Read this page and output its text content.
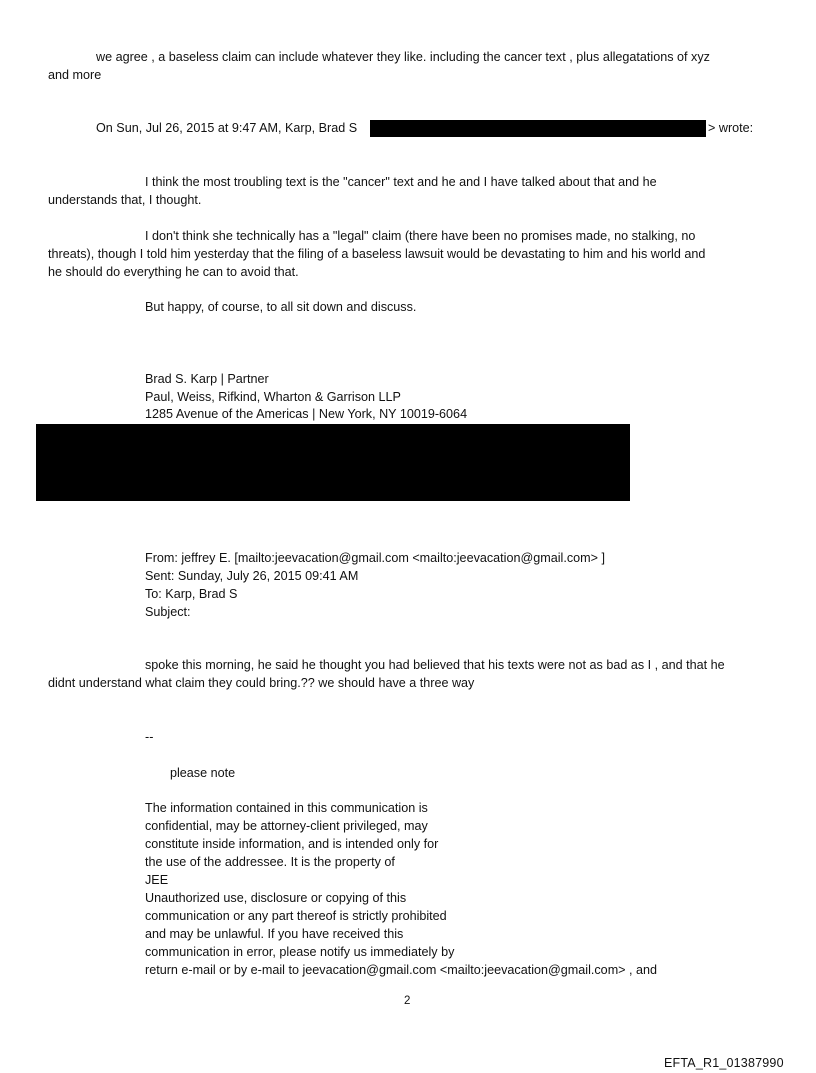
we agree , a baseless claim can include whatever they like. including the cancer text , plus allegatations of xyz
and more
On Sun, Jul 26, 2015 at 9:47 AM, Karp, Brad S	> wrote:
I think the most troubling text is the "cancer" text and he and I have talked about that and he
understands that, I thought.
I don't think she technically has a "legal" claim (there have been no promises made, no stalking, no
threats), though I told him yesterday that the filing of a baseless lawsuit would be devastating to him and his world and
he should do everything he can to avoid that.
But happy, of course, to all sit down and discuss.
Brad S. Karp | Partner
Paul, Weiss, Rifkind, Wharton & Garrison LLP
1285 Avenue of the Americas | New York, NY 10019-6064
From: jeffrey E. [mailto:jeevacation@gmail.com <mailto:jeevacation@gmail.com> ]
Sent: Sunday, July 26, 2015 09:41 AM
To: Karp, Brad S
Subject:
spoke this morning, he said he thought you had believed that his texts were not as bad as I , and that he
didnt understand what claim they could bring.?? we should have a three way
--
please note
The information contained in this communication is
confidential, may be attorney-client privileged, may
constitute inside information, and is intended only for
the use of the addressee. It is the property of
JEE
Unauthorized use, disclosure or copying of this
communication or any part thereof is strictly prohibited
and may be unlawful. If you have received this
communication in error, please notify us immediately by
return e-mail or by e-mail to jeevacation@gmail.com <mailto:jeevacation@gmail.com> , and
2
EFTA_R1_01387990
